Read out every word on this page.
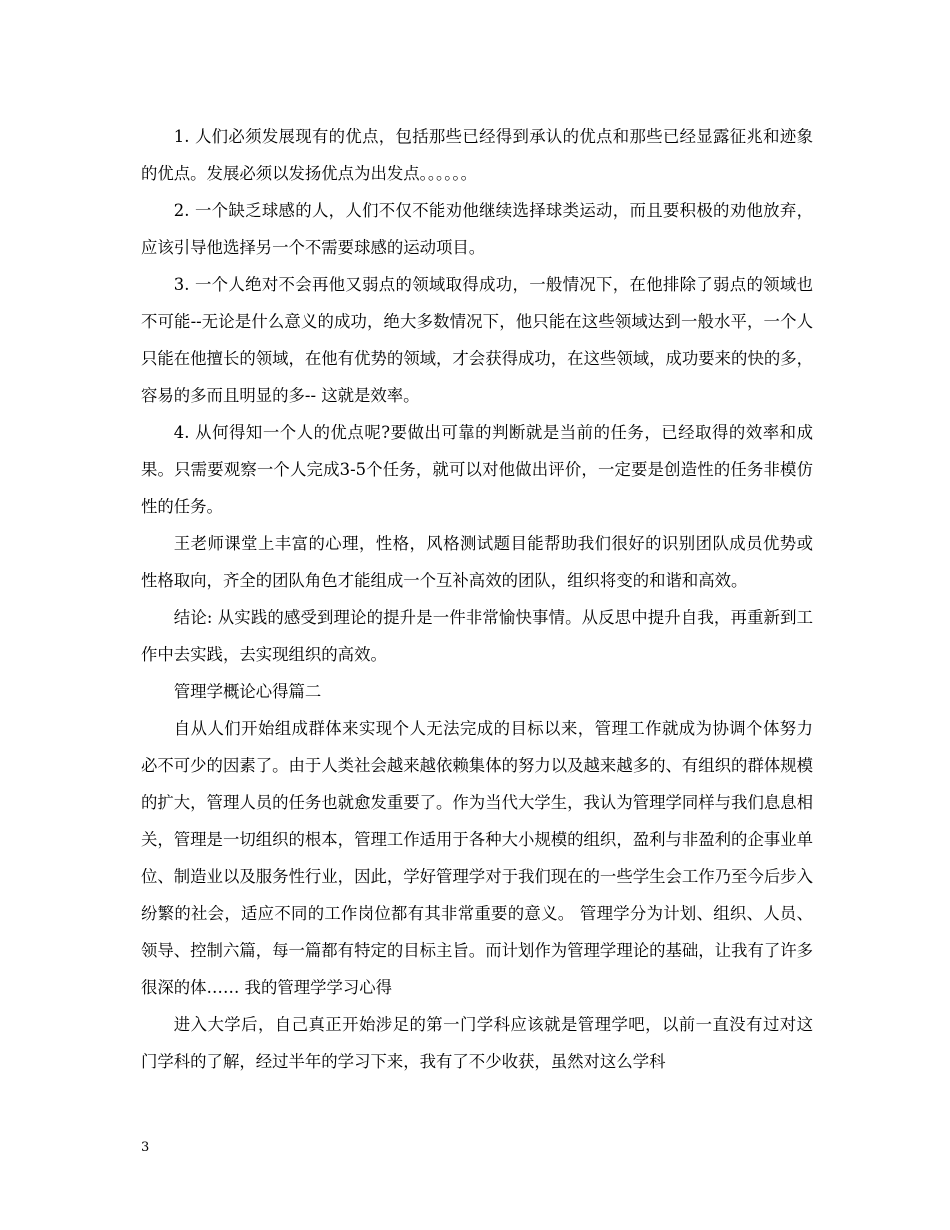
1. 人们必须发展现有的优点，包括那些已经得到承认的优点和那些已经显露征兆和迹象的优点。发展必须以发扬优点为出发点。。。。。。

2. 一个缺乏球感的人，人们不仅不能劝他继续选择球类运动，而且要积极的劝他放弃，应该引导他选择另一个不需要球感的运动项目。

3. 一个人绝对不会再他又弱点的领域取得成功，一般情况下，在他排除了弱点的领域也不可能--无论是什么意义的成功，绝大多数情况下，他只能在这些领域达到一般水平，一个人只能在他擅长的领域，在他有优势的领域，才会获得成功，在这些领域，成功要来的快的多，容易的多而且明显的多-- 这就是效率。

4. 从何得知一个人的优点呢?要做出可靠的判断就是当前的任务，已经取得的效率和成果。只需要观察一个人完成3-5个任务，就可以对他做出评价，一定要是创造性的任务非模仿性的任务。

王老师课堂上丰富的心理，性格，风格测试题目能帮助我们很好的识别团队成员优势或性格取向，齐全的团队角色才能组成一个互补高效的团队，组织将变的和谐和高效。

结论: 从实践的感受到理论的提升是一件非常愉快事情。从反思中提升自我，再重新到工作中去实践，去实现组织的高效。

管理学概论心得篇二

自从人们开始组成群体来实现个人无法完成的目标以来，管理工作就成为协调个体努力必不可少的因素了。由于人类社会越来越依赖集体的努力以及越来越多的、有组织的群体规模的扩大，管理人员的任务也就愈发重要了。作为当代大学生，我认为管理学同样与我们息息相关，管理是一切组织的根本，管理工作适用于各种大小规模的组织，盈利与非盈利的企事业单位、制造业以及服务性行业，因此，学好管理学对于我们现在的一些学生会工作乃至今后步入纷繁的社会，适应不同的工作岗位都有其非常重要的意义。 管理学分为计划、组织、人员、领导、控制六篇，每一篇都有特定的目标主旨。而计划作为管理学理论的基础，让我有了许多很深的体…… 我的管理学学习心得

进入大学后，自己真正开始涉足的第一门学科应该就是管理学吧，以前一直没有过对这门学科的了解，经过半年的学习下来，我有了不少收获，虽然对这么学科

3
